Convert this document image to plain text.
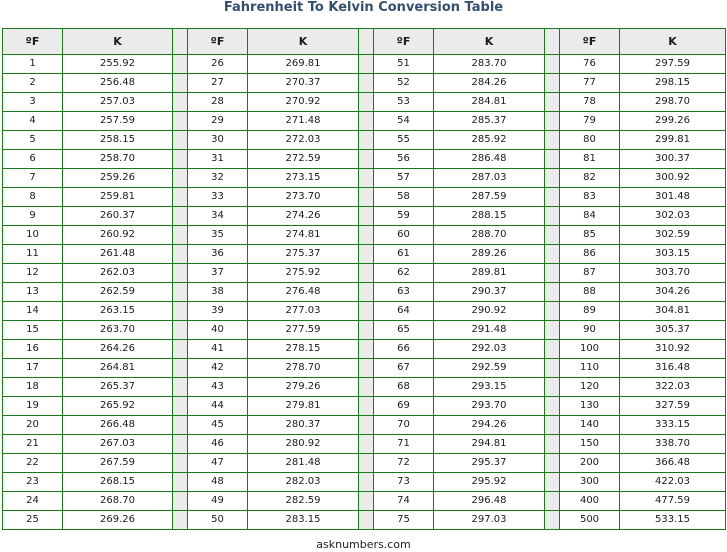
Fahrenheit To Kelvin Conversion Table
ºF	K		ºF	K		ºF	K		ºF	K
1	255.92		26	269.81		51	283.70		76	297.59
2	256.48		27	270.37		52	284.26		77	298.15
3	257.03		28	270.92		53	284.81		78	298.70
4	257.59		29	271.48		54	285.37		79	299.26
5	258.15		30	272.03		55	285.92		80	299.81
6	258.70		31	272.59		56	286.48		81	300.37
7	259.26		32	273.15		57	287.03		82	300.92
8	259.81		33	273.70		58	287.59		83	301.48
9	260.37		34	274.26		59	288.15		84	302.03
10	260.92		35	274.81		60	288.70		85	302.59
11	261.48		36	275.37		61	289.26		86	303.15
12	262.03		37	275.92		62	289.81		87	303.70
13	262.59		38	276.48		63	290.37		88	304.26
14	263.15		39	277.03		64	290.92		89	304.81
15	263.70		40	277.59		65	291.48		90	305.37
16	264.26		41	278.15		66	292.03		100	310.92
17	264.81		42	278.70		67	292.59		110	316.48
18	265.37		43	279.26		68	293.15		120	322.03
19	265.92		44	279.81		69	293.70		130	327.59
20	266.48		45	280.37		70	294.26		140	333.15
21	267.03		46	280.92		71	294.81		150	338.70
22	267.59		47	281.48		72	295.37		200	366.48
23	268.15		48	282.03		73	295.92		300	422.03
24	268.70		49	282.59		74	296.48		400	477.59
25	269.26		50	283.15		75	297.03		500	533.15
asknumbers.com
